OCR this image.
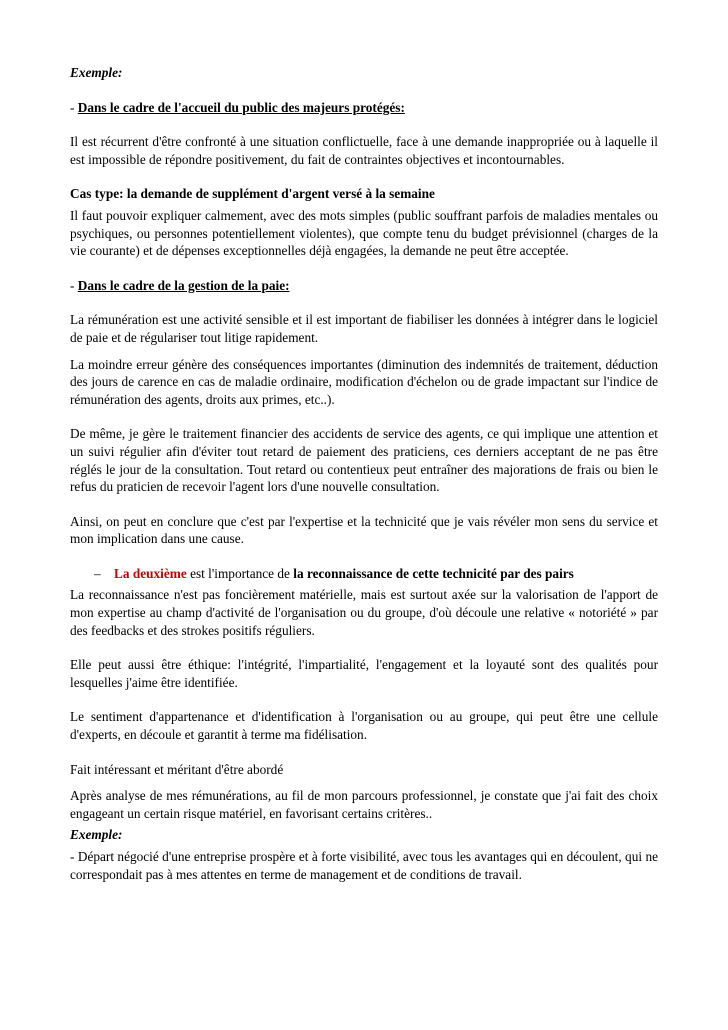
Exemple:

- Dans le cadre de l'accueil du public des majeurs protégés:

Il est récurrent d'être confronté à une situation conflictuelle, face à une demande inappropriée ou à laquelle il est impossible de répondre positivement, du fait de contraintes objectives et incontournables.

Cas type: la demande de supplément d'argent versé à la semaine

Il faut pouvoir expliquer calmement, avec des mots simples (public souffrant parfois de maladies mentales ou psychiques, ou personnes potentiellement violentes), que compte tenu du budget prévisionnel (charges de la vie courante) et de dépenses exceptionnelles déjà engagées, la demande ne peut être acceptée.

- Dans le cadre de la gestion de la paie:

La rémunération est une activité sensible et il est important de fiabiliser les données à intégrer dans le logiciel de paie et de régulariser tout litige rapidement.

La moindre erreur génère des conséquences importantes (diminution des indemnités de traitement, déduction des jours de carence en cas de maladie ordinaire, modification d'échelon ou de grade impactant sur l'indice de rémunération des agents, droits aux primes, etc..).

De même, je gère le traitement financier des accidents de service des agents, ce qui implique une attention et un suivi régulier afin d'éviter tout retard de paiement des praticiens, ces derniers acceptant de ne pas être réglés le jour de la consultation. Tout retard ou contentieux peut entraîner des majorations de frais ou bien le refus du praticien de recevoir l'agent lors d'une nouvelle consultation.

Ainsi, on peut en conclure que c'est par l'expertise et la technicité que je vais révéler mon sens du service et mon implication dans une cause.

–	La deuxième est l'importance de la reconnaissance de cette technicité par des pairs

La reconnaissance n'est pas foncièrement matérielle, mais est surtout axée sur la valorisation de l'apport de mon expertise au champ d'activité de l'organisation ou du groupe, d'où découle une relative « notoriété » par des feedbacks et des strokes positifs réguliers.

Elle peut aussi être éthique: l'intégrité, l'impartialité, l'engagement et la loyauté sont des qualités pour lesquelles j'aime être identifiée.

Le sentiment d'appartenance et d'identification à l'organisation ou au groupe, qui peut être une cellule d'experts, en découle et garantit à terme ma fidélisation.

Fait intéressant et méritant d'être abordé

Après analyse de mes rémunérations, au fil de mon parcours professionnel, je constate que j'ai fait des choix engageant un certain risque matériel, en favorisant certains critères..

Exemple:

- Départ négocié d'une entreprise prospère et à forte visibilité, avec tous les avantages qui en découlent, qui ne correspondait pas à mes attentes en terme de management et de conditions de travail.
